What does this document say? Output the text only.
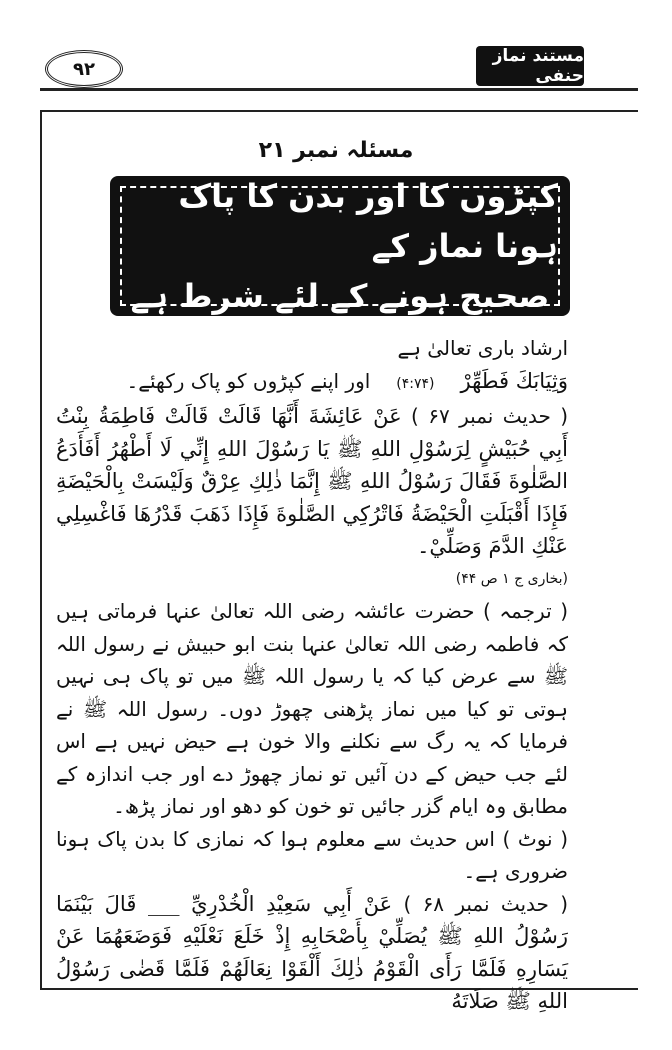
۹۲
مستند نماز حنفی
مسئلہ نمبر ۲۱
کپڑوں کا اور بدن کا پاک ہونا نماز کے
صحیح ہونے کے لئے شرط ہے

ارشاد باری تعالیٰ ہے

وَثِيَابَكَ فَطَهِّرْ
(۴:۷۴)
اور اپنے کپڑوں کو پاک رکھئے۔

( حدیث نمبر ۶۷ ) عَنْ عَائِشَةَ أَنَّهَا قَالَتْ قَالَتْ فَاطِمَةُ بِنْتُ أَبِي حُبَيْشٍ لِرَسُوْلِ اللهِ ﷺ يَا رَسُوْلَ اللهِ إِنِّي لَا أَطْهُرُ أَفَأَدَعُ الصَّلٰوةَ فَقَالَ رَسُوْلُ اللهِ ﷺ إِنَّمَا ذٰلِكِ عِرْقٌ وَلَيْسَتْ بِالْحَيْضَةِ فَإِذَا أَقْبَلَتِ الْحَيْضَةُ فَاتْرُكِي الصَّلٰوةَ فَإِذَا ذَهَبَ قَدْرُهَا فَاغْسِلِي عَنْكِ الدَّمَ وَصَلِّيْ۔

(بخاری ج ۱ ص ۴۴)

( ترجمہ ) حضرت عائشہ رضی اللہ تعالیٰ عنہا فرماتی ہیں کہ فاطمہ رضی اللہ تعالیٰ عنہا بنت ابو حبیش نے رسول اللہ ﷺ سے عرض کیا کہ یا رسول اللہ ﷺ میں تو پاک ہی نہیں ہوتی تو کیا میں نماز پڑھنی چھوڑ دوں۔ رسول اللہ ﷺ نے فرمایا کہ یہ رگ سے نکلنے والا خون ہے حیض نہیں ہے اس لئے جب حیض کے دن آئیں تو نماز چھوڑ دے اور جب اندازہ کے مطابق وہ ایام گزر جائیں تو خون کو دھو اور نماز پڑھ۔

( نوٹ ) اس حدیث سے معلوم ہوا کہ نمازی کا بدن پاک ہونا ضروری ہے۔

( حدیث نمبر ۶۸ ) عَنْ أَبِي سَعِيْدِ الْخُدْرِيِّ ___ قَالَ بَيْنَمَا رَسُوْلُ اللهِ ﷺ يُصَلِّيْ بِأَصْحَابِهِ إِذْ خَلَعَ نَعْلَيْهِ فَوَضَعَهُمَا عَنْ يَسَارِهِ فَلَمَّا رَأَى الْقَوْمُ ذٰلِكَ أَلْقَوْا نِعَالَهُمْ فَلَمَّا قَضٰى رَسُوْلُ اللهِ ﷺ صَلَاتَهُ
